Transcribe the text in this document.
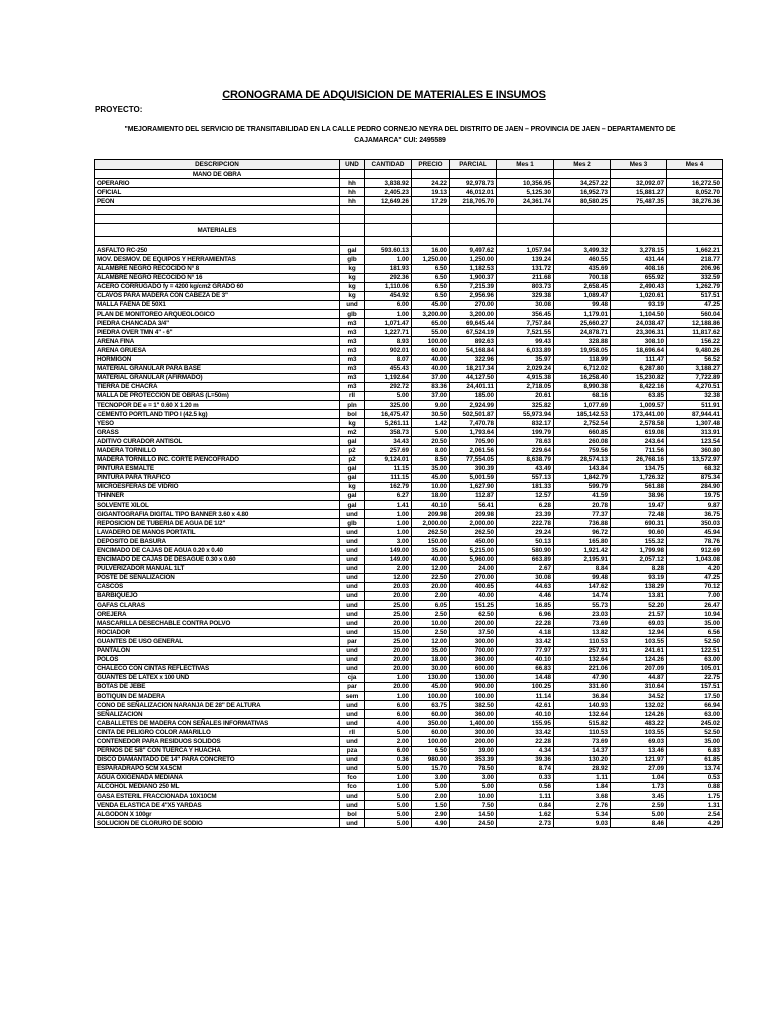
CRONOGRAMA DE ADQUISICION DE MATERIALES E INSUMOS
PROYECTO:
"MEJORAMIENTO DEL SERVICIO DE TRANSITABILIDAD EN LA CALLE PEDRO CORNEJO NEYRA DEL DISTRITO DE JAEN – PROVINCIA DE JAEN – DEPARTAMENTO DE CAJAMARCA" CUI: 2495589
DESCRIPCION	UND	CANTIDAD	PRECIO	PARCIAL	Mes 1	Mes 2	Mes 3	Mes 4
MANO DE OBRA								
OPERARIO	hh	3,838.92	24.22	92,978.73	10,356.95	34,257.22	32,092.07	16,272.50
OFICIAL	hh	2,405.23	19.13	46,012.01	5,125.30	16,952.73	15,881.27	8,052.70
PEON	hh	12,649.26	17.29	218,705.70	24,361.74	80,580.25	75,487.35	38,276.36

MATERIALES								

ASFALTO RC-250	gal	593.60.13	16.00	9,497.62	1,057.94	3,499.32	3,278.15	1,662.21
MOV. DESMOV. DE EQUIPOS Y HERRAMIENTAS	glb	1.00	1,250.00	1,250.00	139.24	460.55	431.44	218.77
ALAMBRE NEGRO RECOCIDO N° 8	kg	181.93	6.50	1,182.53	131.72	435.69	408.16	206.96
ALAMBRE NEGRO RECOCIDO N° 16	kg	292.36	6.50	1,900.37	211.68	700.18	655.92	332.59
ACERO CORRUGADO fy = 4200 kg/cm2 GRADO 60	kg	1,110.06	6.50	7,215.39	803.73	2,658.45	2,490.43	1,262.79
CLAVOS PARA MADERA CON CABEZA DE 3"	kg	454.92	6.50	2,956.96	329.38	1,089.47	1,020.61	517.51
MALLA FAENA DE 50X1	und	6.00	45.00	270.00	30.08	99.48	93.19	47.25
PLAN DE MONITOREO ARQUEOLOGICO	glb	1.00	3,200.00	3,200.00	356.45	1,179.01	1,104.50	560.04
PIEDRA CHANCADA 3/4"	m3	1,071.47	65.00	69,645.44	7,757.84	25,660.27	24,038.47	12,188.86
PIEDRA OVER TMN 4" - 6"	m3	1,227.71	55.00	67,524.19	7,521.55	24,878.71	23,306.31	11,817.62
ARENA FINA	m3	8.93	100.00	892.63	99.43	328.88	308.10	156.22
ARENA GRUESA	m3	902.01	60.00	54,168.84	6,033.89	19,958.05	18,696.64	9,480.26
HORMIGON	m3	8.07	40.00	322.96	35.97	118.99	111.47	56.52
MATERIAL GRANULAR PARA BASE	m3	455.43	40.00	18,217.34	2,029.24	6,712.02	6,287.80	3,188.27
MATERIAL GRANULAR (AFIRMADO)	m3	1,192.64	37.00	44,127.50	4,915.38	16,258.40	15,230.82	7,722.89
TIERRA DE CHACRA	m3	292.72	83.36	24,401.11	2,718.05	8,990.38	8,422.16	4,270.51
MALLA DE PROTECCION DE OBRAS (L=50m)	rll	5.00	37.00	185.00	20.61	68.16	63.85	32.38
TECNOPOR DE e = 1" 0.60 X 1.20 m	pln	325.00	9.00	2,924.99	325.82	1,077.69	1,009.57	511.91
CEMENTO PORTLAND TIPO I (42.5 kg)	bol	16,475.47	30.50	502,501.87	55,973.94	185,142.53	173,441.00	87,944.41
YESO	kg	5,261.11	1.42	7,470.78	832.17	2,752.54	2,578.58	1,307.48
GRASS	m2	358.73	5.00	1,793.64	199.79	660.85	619.08	313.91
ADITIVO CURADOR ANTISOL	gal	34.43	20.50	705.90	78.63	260.08	243.64	123.54
MADERA TORNILLO	p2	257.69	8.00	2,061.56	229.64	759.56	711.56	360.80
MADERA TORNILLO INC. CORTE P/ENCOFRADO	p2	9,124.01	8.50	77,554.05	8,638.79	28,574.13	26,768.16	13,572.97
PINTURA ESMALTE	gal	11.15	35.00	390.39	43.49	143.84	134.75	68.32
PINTURA PARA TRAFICO	gal	111.15	45.00	5,001.59	557.13	1,842.79	1,726.32	875.34
MICROESFERAS DE VIDRIO	kg	162.79	10.00	1,627.90	181.33	599.79	561.88	284.90
THINNER	gal	6.27	18.00	112.87	12.57	41.59	38.96	19.75
SOLVENTE XILOL	gal	1.41	40.10	56.41	6.28	20.78	19.47	9.87
GIGANTOGRAFIA DIGITAL TIPO BANNER 3.60 x 4.80	und	1.00	209.98	209.98	23.39	77.37	72.48	36.75
REPOSICION DE TUBERIA DE AGUA DE 1/2"	glb	1.00	2,000.00	2,000.00	222.78	736.88	690.31	350.03
LAVADERO DE MANOS PORTATIL	und	1.00	262.50	262.50	29.24	96.72	90.60	45.94
DEPOSITO DE BASURA	und	3.00	150.00	450.00	50.13	165.80	155.32	78.76
ENCIMADO DE CAJAS DE AGUA 0.20 x 0.40	und	149.00	35.00	5,215.00	580.90	1,921.42	1,799.98	912.69
ENCIMADO DE CAJAS DE DESAGUE 0.30 x 0.60	und	149.00	40.00	5,960.00	663.89	2,195.91	2,057.12	1,043.08
PULVERIZADOR MANUAL 1LT	und	2.00	12.00	24.00	2.67	8.84	8.28	4.20
POSTE DE SEÑALIZACION	und	12.00	22.50	270.00	30.08	99.48	93.19	47.25
CASCOS	und	20.03	20.00	400.65	44.63	147.62	138.29	70.12
BARBIQUEJO	und	20.00	2.00	40.00	4.46	14.74	13.81	7.00
GAFAS CLARAS	und	25.00	6.05	151.25	16.85	55.73	52.20	26.47
OREJERA	und	25.00	2.50	62.50	6.96	23.03	21.57	10.94
MASCARILLA DESECHABLE CONTRA POLVO	und	20.00	10.00	200.00	22.28	73.69	69.03	35.00
ROCIADOR	und	15.00	2.50	37.50	4.18	13.82	12.94	6.56
GUANTES DE USO GENERAL	par	25.00	12.00	300.00	33.42	110.53	103.55	52.50
PANTALON	und	20.00	35.00	700.00	77.97	257.91	241.61	122.51
POLOS	und	20.00	18.00	360.00	40.10	132.64	124.26	63.00
CHALECO CON CINTAS REFLECTIVAS	und	20.00	30.00	600.00	66.83	221.06	207.09	105.01
GUANTES DE LATEX x 100 UND	cja	1.00	130.00	130.00	14.48	47.90	44.87	22.75
BOTAS DE JEBE	par	20.00	45.00	900.00	100.25	331.60	310.64	157.51
BOTIQUIN DE MADERA	sem	1.00	100.00	100.00	11.14	36.84	34.52	17.50
CONO DE SEÑALIZACION NARANJA DE 28" DE ALTURA	und	6.00	63.75	382.50	42.61	140.93	132.02	66.94
SEÑALIZACION	und	6.00	60.00	360.00	40.10	132.64	124.26	63.00
CABALLETES DE MADERA CON SEÑALES INFORMATIVAS	und	4.00	350.00	1,400.00	155.95	515.82	483.22	245.02
CINTA DE PELIGRO COLOR AMARILLO	rll	5.00	60.00	300.00	33.42	110.53	103.55	52.50
CONTENEDOR PARA RESIDUOS SOLIDOS	und	2.00	100.00	200.00	22.28	73.69	69.03	35.00
PERNOS DE 5/8" CON TUERCA Y HUACHA	pza	6.00	6.50	39.00	4.34	14.37	13.46	6.83
DISCO DIAMANTADO DE 14" PARA CONCRETO	und	0.36	980.00	353.39	39.36	130.20	121.97	61.85
ESPARADRAPO 5CM X4.5CM	und	5.00	15.70	78.50	8.74	28.92	27.09	13.74
AGUA OXIGENADA MEDIANA	fco	1.00	3.00	3.00	0.33	1.11	1.04	0.53
ALCOHOL MEDIANO 250 ML	fco	1.00	5.00	5.00	0.56	1.84	1.73	0.88
GASA ESTERIL FRACCIONADA 10X10CM	und	5.00	2.00	10.00	1.11	3.68	3.45	1.75
VENDA ELASTICA DE 4"X5 YARDAS	und	5.00	1.50	7.50	0.84	2.76	2.59	1.31
ALGODON X 100gr	bol	5.00	2.90	14.50	1.62	5.34	5.00	2.54
SOLUCION DE CLORURO DE SODIO	und	5.00	4.90	24.50	2.73	9.03	8.46	4.29
